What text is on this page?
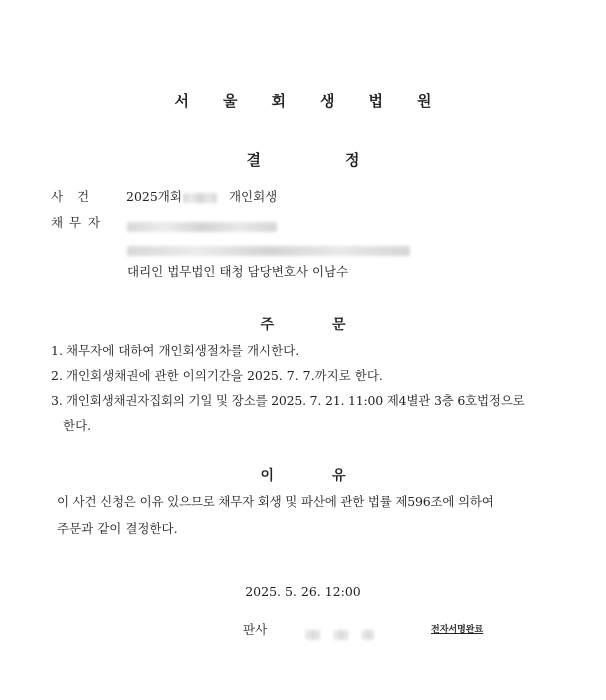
서 울 회 생 법 원
결	정
사 건	2025개회	개인회생
채 무 자
대리인 법무법인 태청 담당변호사 이남수
주	문
1. 채무자에 대하여 개인회생절차를 개시한다.
2. 개인회생채권에 관한 이의기간을 2025. 7. 7.까지로 한다.
3. 개인회생채권자집회의 기일 및 장소를 2025. 7. 21. 11:00 제4별관 3층 6호법정으로
한다.
이	유
이 사건 신청은 이유 있으므로 채무자 회생 및 파산에 관한 법률 제596조에 의하여
주문과 같이 결정한다.
2025. 5. 26. 12:00
판사	전자서명완료
